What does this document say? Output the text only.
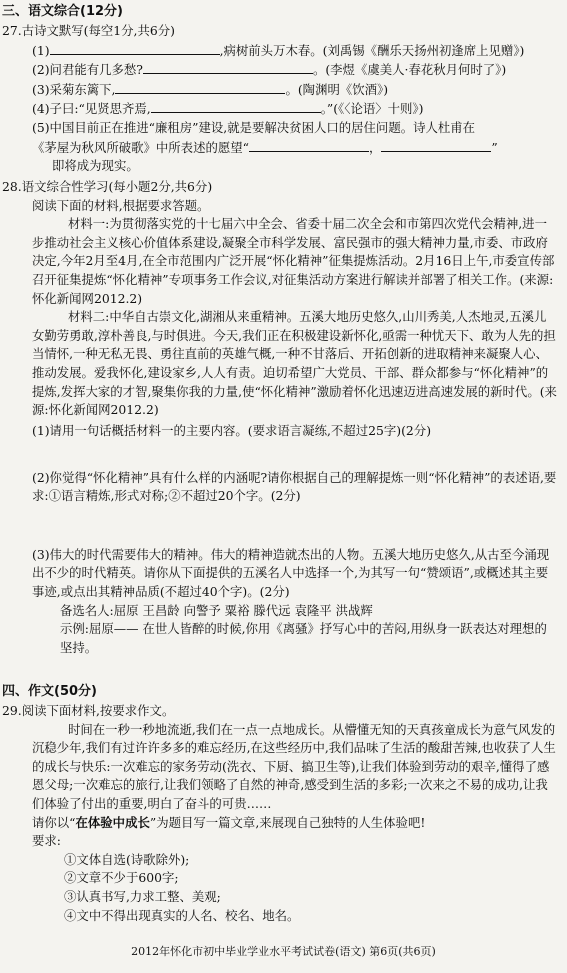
三、语文综合(12分)
27.古诗文默写(每空1分,共6分)
(1)	,病树前头万木春。(刘禹锡《酬乐天扬州初逢席上见赠》)
(2)问君能有几多愁?	。(李煜《虞美人·春花秋月何时了》)
(3)采菊东篱下,	。(陶渊明《饮酒》)
(4)子曰:“见贤思齐焉,	。”(《〈论语〉十则》)
(5)中国目前正在推进“廉租房”建设,就是要解决贫困人口的居住问题。诗人杜甫在
《茅屋为秋风所破歌》中所表述的愿望“	，	”
即将成为现实。
28.语文综合性学习(每小题2分,共6分)
阅读下面的材料,根据要求答题。
材料一:为贯彻落实党的十七届六中全会、省委十届二次全会和市第四次党代会精神,进一步推动社会主义核心价值体系建设,凝聚全市科学发展、富民强市的强大精神力量,市委、市政府决定,今年2月至4月,在全市范围内广泛开展“怀化精神”征集提炼活动。2月16日上午,市委宣传部召开征集提炼“怀化精神”专项事务工作会议,对征集活动方案进行解读并部署了相关工作。(来源:怀化新闻网2012.2)
材料二:中华自古崇文化,湖湘从来重精神。五溪大地历史悠久,山川秀美,人杰地灵,五溪儿女勤劳勇敢,淳朴善良,与时俱进。今天,我们正在积极建设新怀化,亟需一种忧天下、敢为人先的担当情怀,一种无私无畏、勇往直前的英雄气概,一种不甘落后、开拓创新的进取精神来凝聚人心、推动发展。爱我怀化,建设家乡,人人有责。迫切希望广大党员、干部、群众都参与“怀化精神”的提炼,发挥大家的才智,聚集你我的力量,使“怀化精神”激励着怀化迅速迈进高速发展的新时代。(来源:怀化新闻网2012.2)
(1)请用一句话概括材料一的主要内容。(要求语言凝练,不超过25字)(2分)
(2)你觉得“怀化精神”具有什么样的内涵呢?请你根据自己的理解提炼一则“怀化精神”的表述语,要求:①语言精炼,形式对称;②不超过20个字。(2分)
(3)伟大的时代需要伟大的精神。伟大的精神造就杰出的人物。五溪大地历史悠久,从古至今涌现出不少的时代精英。请你从下面提供的五溪名人中选择一个,为其写一句“赞颂语”,或概述其主要事迹,或点出其精神品质(不超过40个字)。(2分)
备选名人:屈原 王昌龄 向警予 粟裕 滕代远 袁隆平 洪战辉
示例:屈原—— 在世人皆醉的时候,你用《离骚》抒写心中的苦闷,用纵身一跃表达对理想的坚持。
四、作文(50分)
29.阅读下面材料,按要求作文。
时间在一秒一秒地流逝,我们在一点一点地成长。从懵懂无知的天真孩童成长为意气风发的沉稳少年,我们有过许许多多的难忘经历,在这些经历中,我们品味了生活的酸甜苦辣,也收获了人生的成长与快乐:一次难忘的家务劳动(洗衣、下厨、搞卫生等),让我们体验到劳动的艰辛,懂得了感恩父母;一次难忘的旅行,让我们领略了自然的神奇,感受到生活的多彩;一次来之不易的成功,让我们体验了付出的重要,明白了奋斗的可贵……
请你以“在体验中成长”为题目写一篇文章,来展现自己独特的人生体验吧!
要求:
①文体自选(诗歌除外);
②文章不少于600字;
③认真书写,力求工整、美观;
④文中不得出现真实的人名、校名、地名。
2012年怀化市初中毕业学业水平考试试卷(语文) 第6页(共6页)
